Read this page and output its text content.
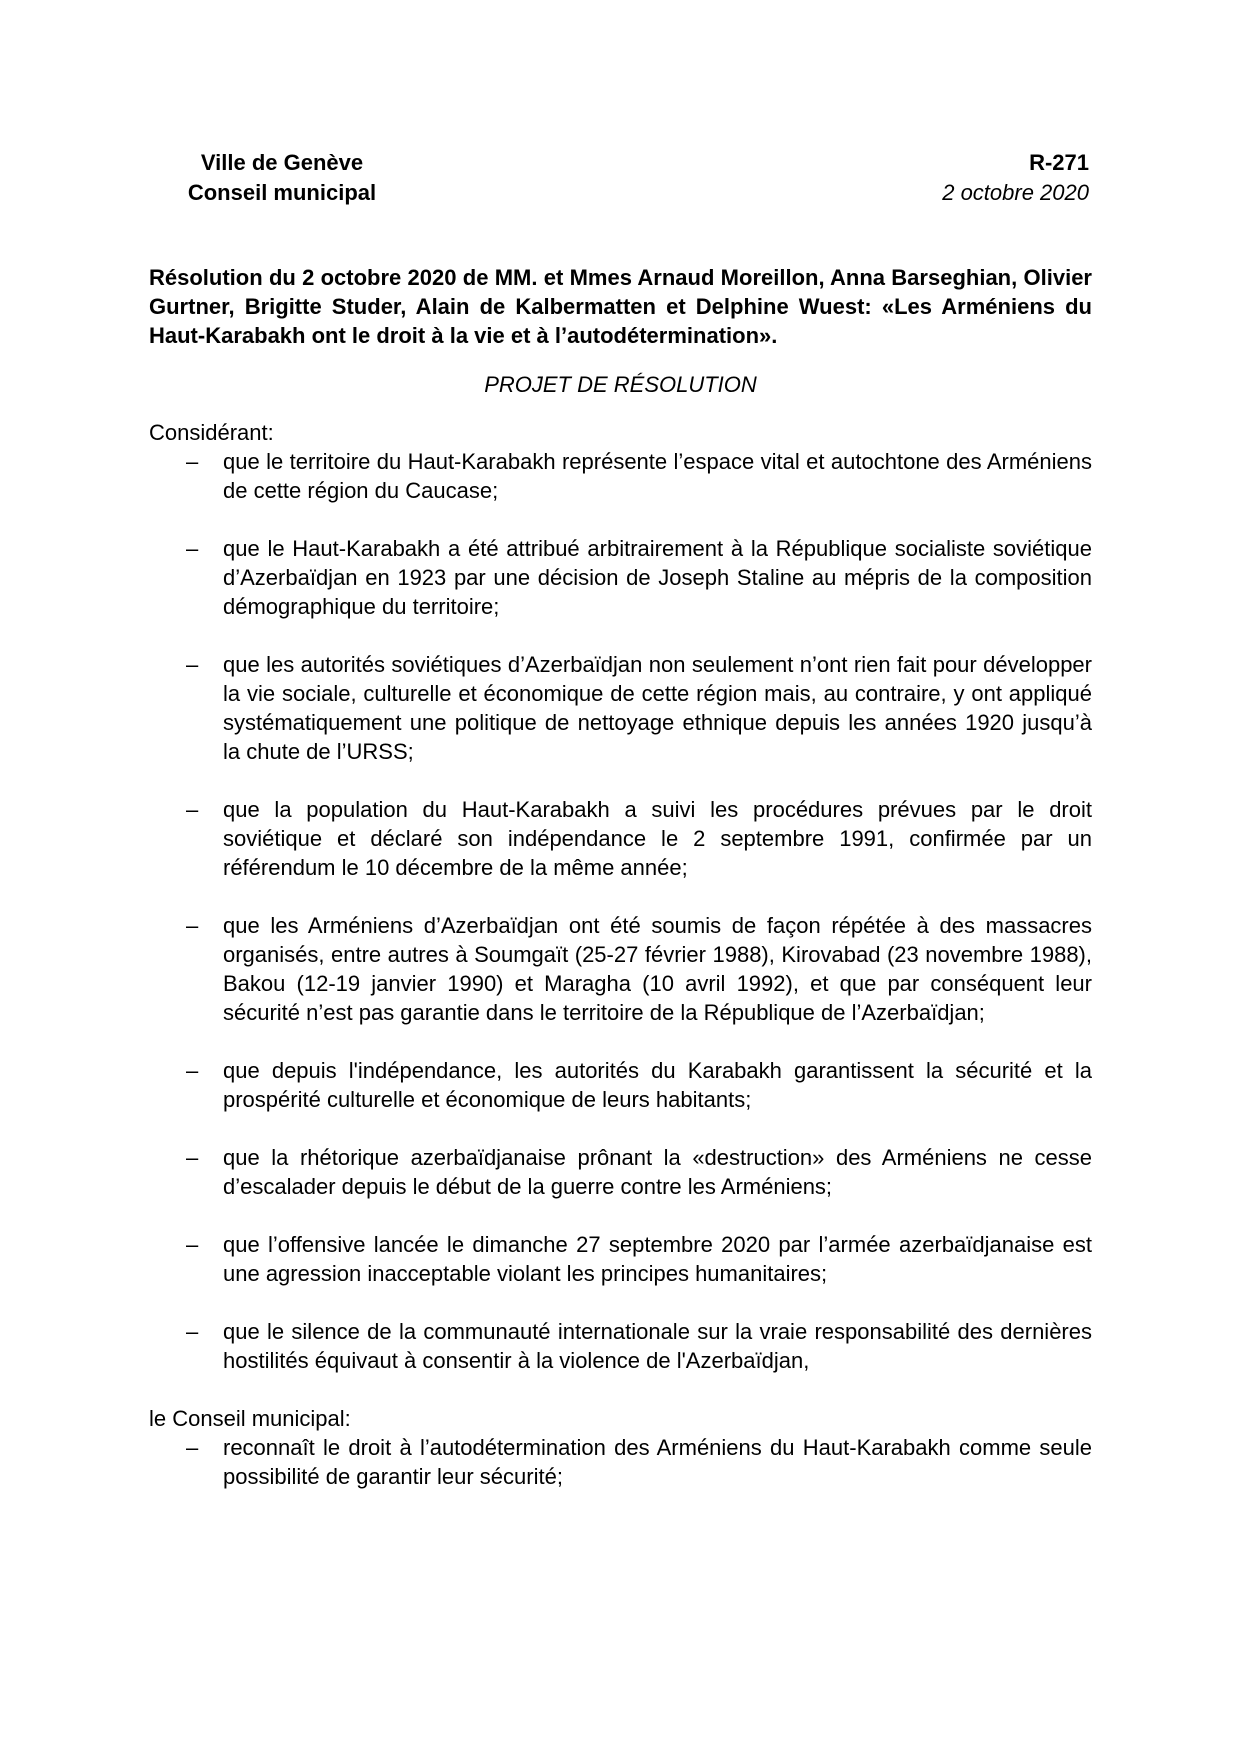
Ville de Genève
Conseil municipal
R-271
2 octobre 2020

Résolution du 2 octobre 2020 de MM. et Mmes Arnaud Moreillon, Anna Barseghian, Olivier Gurtner, Brigitte Studer, Alain de Kalbermatten et Delphine Wuest: «Les Arméniens du Haut-Karabakh ont le droit à la vie et à l’autodétermination».

PROJET DE RÉSOLUTION

Considérant:

– que le territoire du Haut-Karabakh représente l’espace vital et autochtone des Arméniens de cette région du Caucase;
– que le Haut-Karabakh a été attribué arbitrairement à la République socialiste soviétique d’Azerbaïdjan en 1923 par une décision de Joseph Staline au mépris de la composition démographique du territoire;
– que les autorités soviétiques d’Azerbaïdjan non seulement n’ont rien fait pour développer la vie sociale, culturelle et économique de cette région mais, au contraire, y ont appliqué systématiquement une politique de nettoyage ethnique depuis les années 1920 jusqu’à la chute de l’URSS;
– que la population du Haut-Karabakh a suivi les procédures prévues par le droit soviétique et déclaré son indépendance le 2 septembre 1991, confirmée par un référendum le 10 décembre de la même année;
– que les Arméniens d’Azerbaïdjan ont été soumis de façon répétée à des massacres organisés, entre autres à Soumgaït (25-27 février 1988), Kirovabad (23 novembre 1988), Bakou (12-19 janvier 1990) et Maragha (10 avril 1992), et que par conséquent leur sécurité n’est pas garantie dans le territoire de la République de l’Azerbaïdjan;
– que depuis l'indépendance, les autorités du Karabakh garantissent la sécurité et la prospérité culturelle et économique de leurs habitants;
– que la rhétorique azerbaïdjanaise prônant la «destruction» des Arméniens ne cesse d’escalader depuis le début de la guerre contre les Arméniens;
– que l’offensive lancée le dimanche 27 septembre 2020 par l’armée azerbaïdjanaise est une agression inacceptable violant les principes humanitaires;
– que le silence de la communauté internationale sur la vraie responsabilité des dernières hostilités équivaut à consentir à la violence de l'Azerbaïdjan,

le Conseil municipal:

– reconnaît le droit à l’autodétermination des Arméniens du Haut-Karabakh comme seule possibilité de garantir leur sécurité;
